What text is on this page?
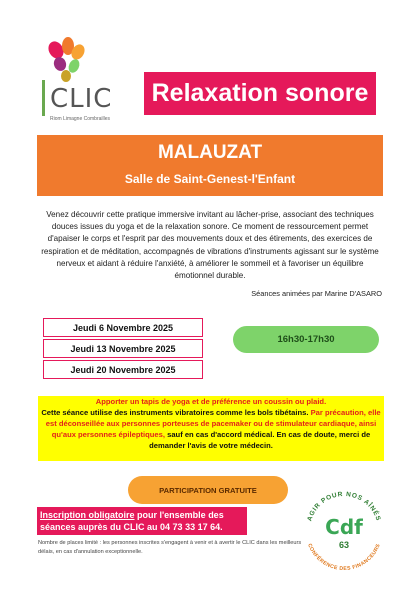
CLIC
Riom Limagne Combrailles
Relaxation sonore
MALAUZAT
Salle de Saint-Genest-l'Enfant
Venez découvrir cette pratique immersive invitant au lâcher-prise, associant des techniques douces issues du yoga et de la relaxation sonore. Ce moment de ressourcement permet d'apaiser le corps et l'esprit par des mouvements doux et des étirements, des exercices de respiration et de méditation, accompagnés de vibrations d'instruments agissant sur le système nerveux et aidant à réduire l'anxiété, à améliorer le sommeil et à favoriser un équilibre émotionnel durable.
Séances animées par Marine D'ASARO
Jeudi 6 Novembre 2025
Jeudi 13 Novembre 2025
Jeudi 20 Novembre 2025
16h30-17h30

Apporter un tapis de yoga et de préférence un coussin ou plaid.

Cette séance utilise des instruments vibratoires comme les bols tibétains. Par précaution, elle est déconseillée aux personnes porteuses de pacemaker ou de stimulateur cardiaque, ainsi qu'aux personnes épileptiques, sauf en cas d'accord médical. En cas de doute, merci de demander l'avis de votre médecin.

PARTICIPATION GRATUITE
Inscription obligatoire pour l'ensemble des séances auprès du CLIC au 04 73 33 17 64.
Nombre de places limité : les personnes inscrites s'engagent à venir et à avertir le CLIC dans les meilleurs délais, en cas d'annulation exceptionnelle.
AGIR POUR NOS AÎNÉS
CONFÉRENCE DES FINANCEURS
Cdf
63
